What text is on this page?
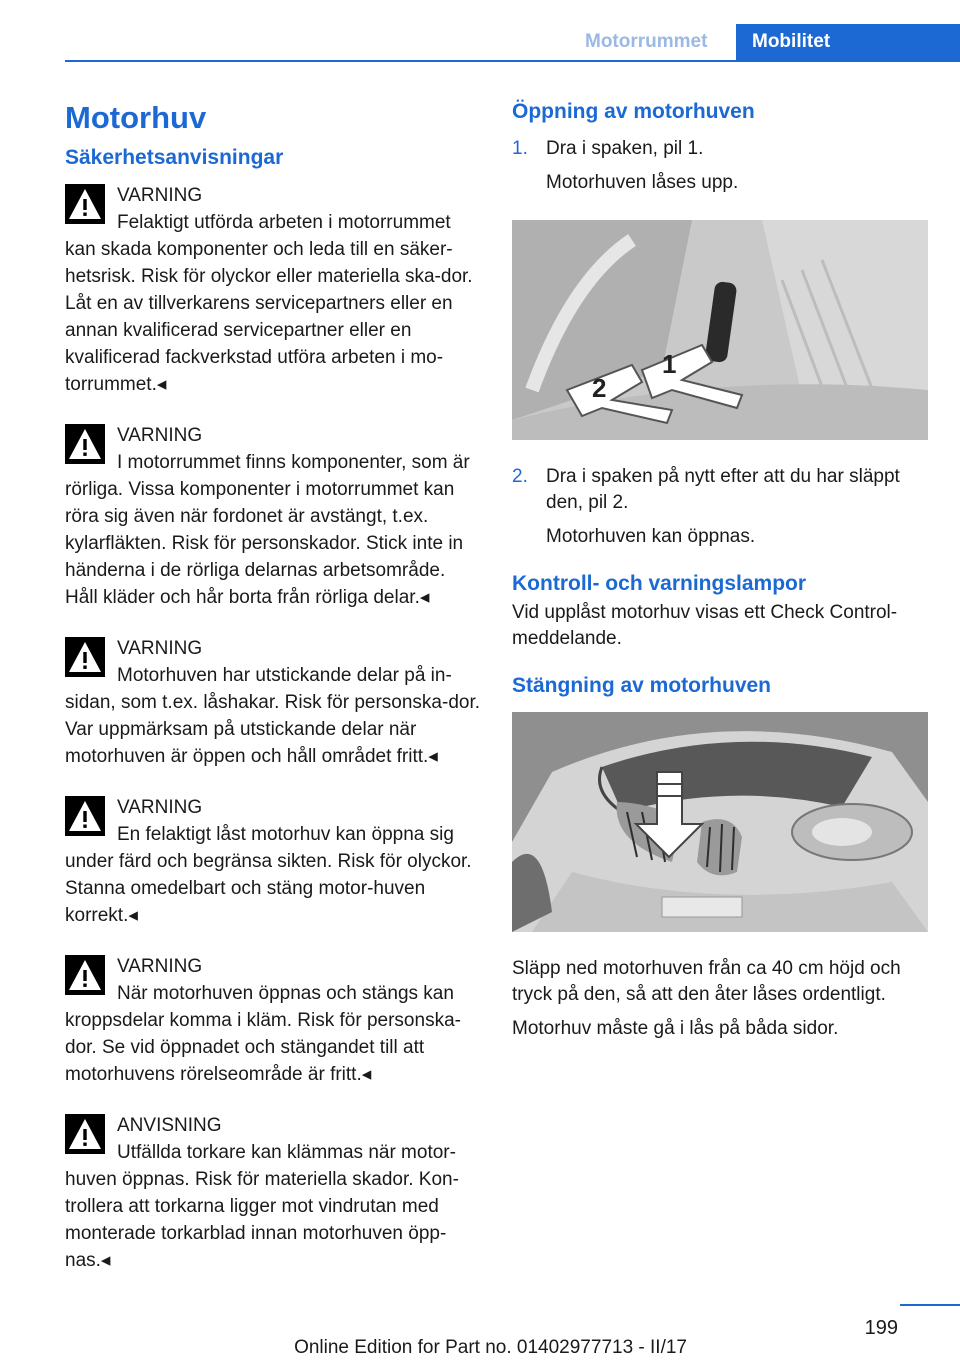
Motorrummet	Mobilitet
Motorhuv
Säkerhetsanvisningar
VARNING
Felaktigt utförda arbeten i motorrummet kan skada komponenter och leda till en säker-hetsrisk. Risk för olyckor eller materiella ska-dor. Låt en av tillverkarens servicepartners eller en annan kvalificerad servicepartner eller en kvalificerad fackverkstad utföra arbeten i mo-torrummet.◂
VARNING
I motorrummet finns komponenter, som är rörliga. Vissa komponenter i motorrummet kan röra sig även när fordonet är avstängt, t.ex. kylarfläkten. Risk för personskador. Stick inte in händerna i de rörliga delarnas arbetsområde. Håll kläder och hår borta från rörliga delar.◂
VARNING
Motorhuven har utstickande delar på in-sidan, som t.ex. låshakar. Risk för personska-dor. Var uppmärksam på utstickande delar när motorhuven är öppen och håll området fritt.◂
VARNING
En felaktigt låst motorhuv kan öppna sig under färd och begränsa sikten. Risk för olyckor. Stanna omedelbart och stäng motor-huven korrekt.◂
VARNING
När motorhuven öppnas och stängs kan kroppsdelar komma i kläm. Risk för personska-dor. Se vid öppnadet och stängandet till att motorhuvens rörelseområde är fritt.◂
ANVISNING
Utfällda torkare kan klämmas när motor-huven öppnas. Risk för materiella skador. Kon-trollera att torkarna ligger mot vindrutan med monterade torkarblad innan motorhuven öpp-nas.◂
Öppning av motorhuven
1. Dra i spaken, pil 1.
Motorhuven låses upp.
1
2
2. Dra i spaken på nytt efter att du har släppt den, pil 2.
Motorhuven kan öppnas.
Kontroll- och varningslampor

Vid upplåst motorhuv visas ett Check Control-meddelande.

Stängning av motorhuven

Släpp ned motorhuven från ca 40 cm höjd och tryck på den, så att den åter låses ordentligt.

Motorhuv måste gå i lås på båda sidor.

199
Online Edition for Part no. 01402977713 - II/17
